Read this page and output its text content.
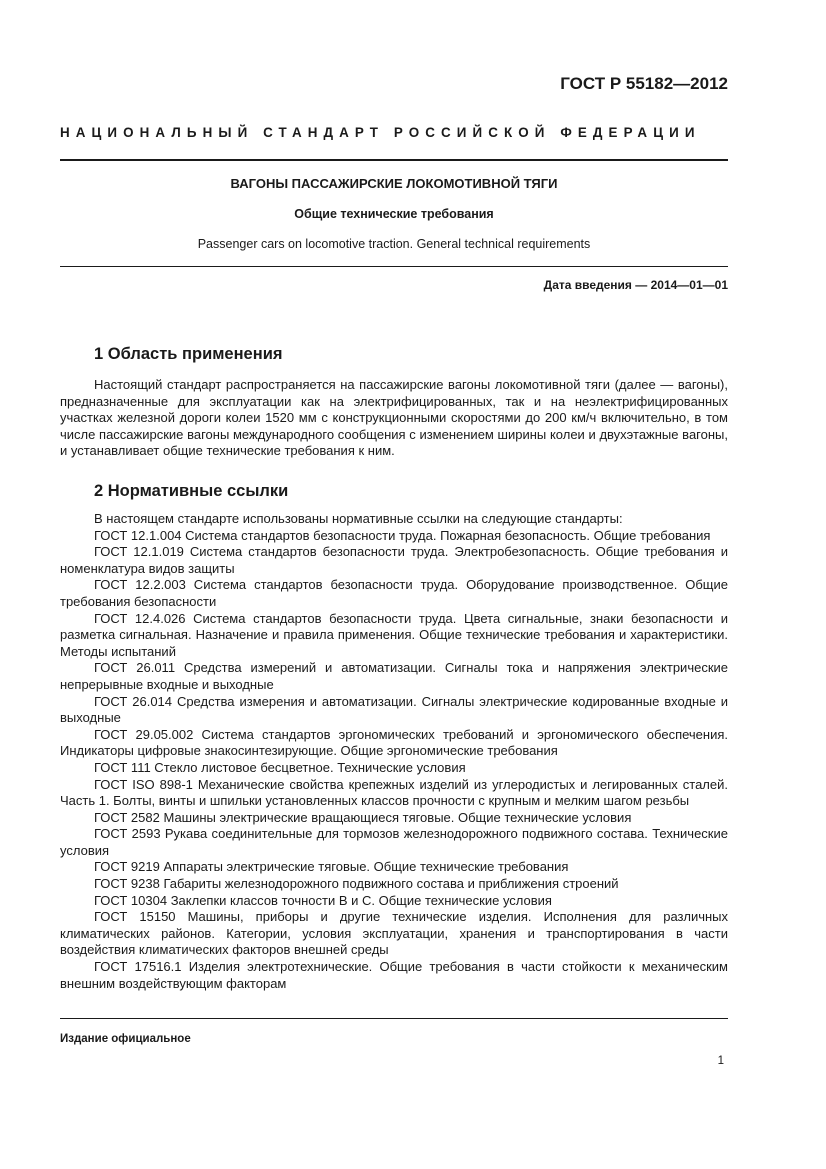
ГОСТ Р 55182—2012
НАЦИОНАЛЬНЫЙ СТАНДАРТ РОССИЙСКОЙ ФЕДЕРАЦИИ
ВАГОНЫ ПАССАЖИРСКИЕ ЛОКОМОТИВНОЙ ТЯГИ
Общие технические требования
Passenger cars on locomotive traction. General technical requirements
Дата введения — 2014—01—01
1 Область применения
Настоящий стандарт распространяется на пассажирские вагоны локомотивной тяги (далее — вагоны), предназначенные для эксплуатации как на электрифицированных, так и на неэлектрифицированных участках железной дороги колеи 1520 мм с конструкционными скоростями до 200 км/ч включительно, в том числе пассажирские вагоны международного сообщения с изменением ширины колеи и двухэтажные вагоны, и устанавливает общие технические требования к ним.
2 Нормативные ссылки

В настоящем стандарте использованы нормативные ссылки на следующие стандарты:

ГОСТ 12.1.004 Система стандартов безопасности труда. Пожарная безопасность. Общие требования

ГОСТ 12.1.019 Система стандартов безопасности труда. Электробезопасность. Общие требования и номенклатура видов защиты

ГОСТ 12.2.003 Система стандартов безопасности труда. Оборудование производственное. Общие требования безопасности

ГОСТ 12.4.026 Система стандартов безопасности труда. Цвета сигнальные, знаки безопасности и разметка сигнальная. Назначение и правила применения. Общие технические требования и характеристики. Методы испытаний

ГОСТ 26.011 Средства измерений и автоматизации. Сигналы тока и напряжения электрические непрерывные входные и выходные

ГОСТ 26.014 Средства измерения и автоматизации. Сигналы электрические кодированные входные и выходные

ГОСТ 29.05.002 Система стандартов эргономических требований и эргономического обеспечения. Индикаторы цифровые знакосинтезирующие. Общие эргономические требования

ГОСТ 111 Стекло листовое бесцветное. Технические условия

ГОСТ ISO 898-1 Механические свойства крепежных изделий из углеродистых и легированных сталей. Часть 1. Болты, винты и шпильки установленных классов прочности с крупным и мелким шагом резьбы

ГОСТ 2582 Машины электрические вращающиеся тяговые. Общие технические условия

ГОСТ 2593 Рукава соединительные для тормозов железнодорожного подвижного состава. Технические условия

ГОСТ 9219 Аппараты электрические тяговые. Общие технические требования

ГОСТ 9238 Габариты железнодорожного подвижного состава и приближения строений

ГОСТ 10304 Заклепки классов точности В и С. Общие технические условия

ГОСТ 15150 Машины, приборы и другие технические изделия. Исполнения для различных климатических районов. Категории, условия эксплуатации, хранения и транспортирования в части воздействия климатических факторов внешней среды

ГОСТ 17516.1 Изделия электротехнические. Общие требования в части стойкости к механическим внешним воздействующим факторам

Издание официальное
1
